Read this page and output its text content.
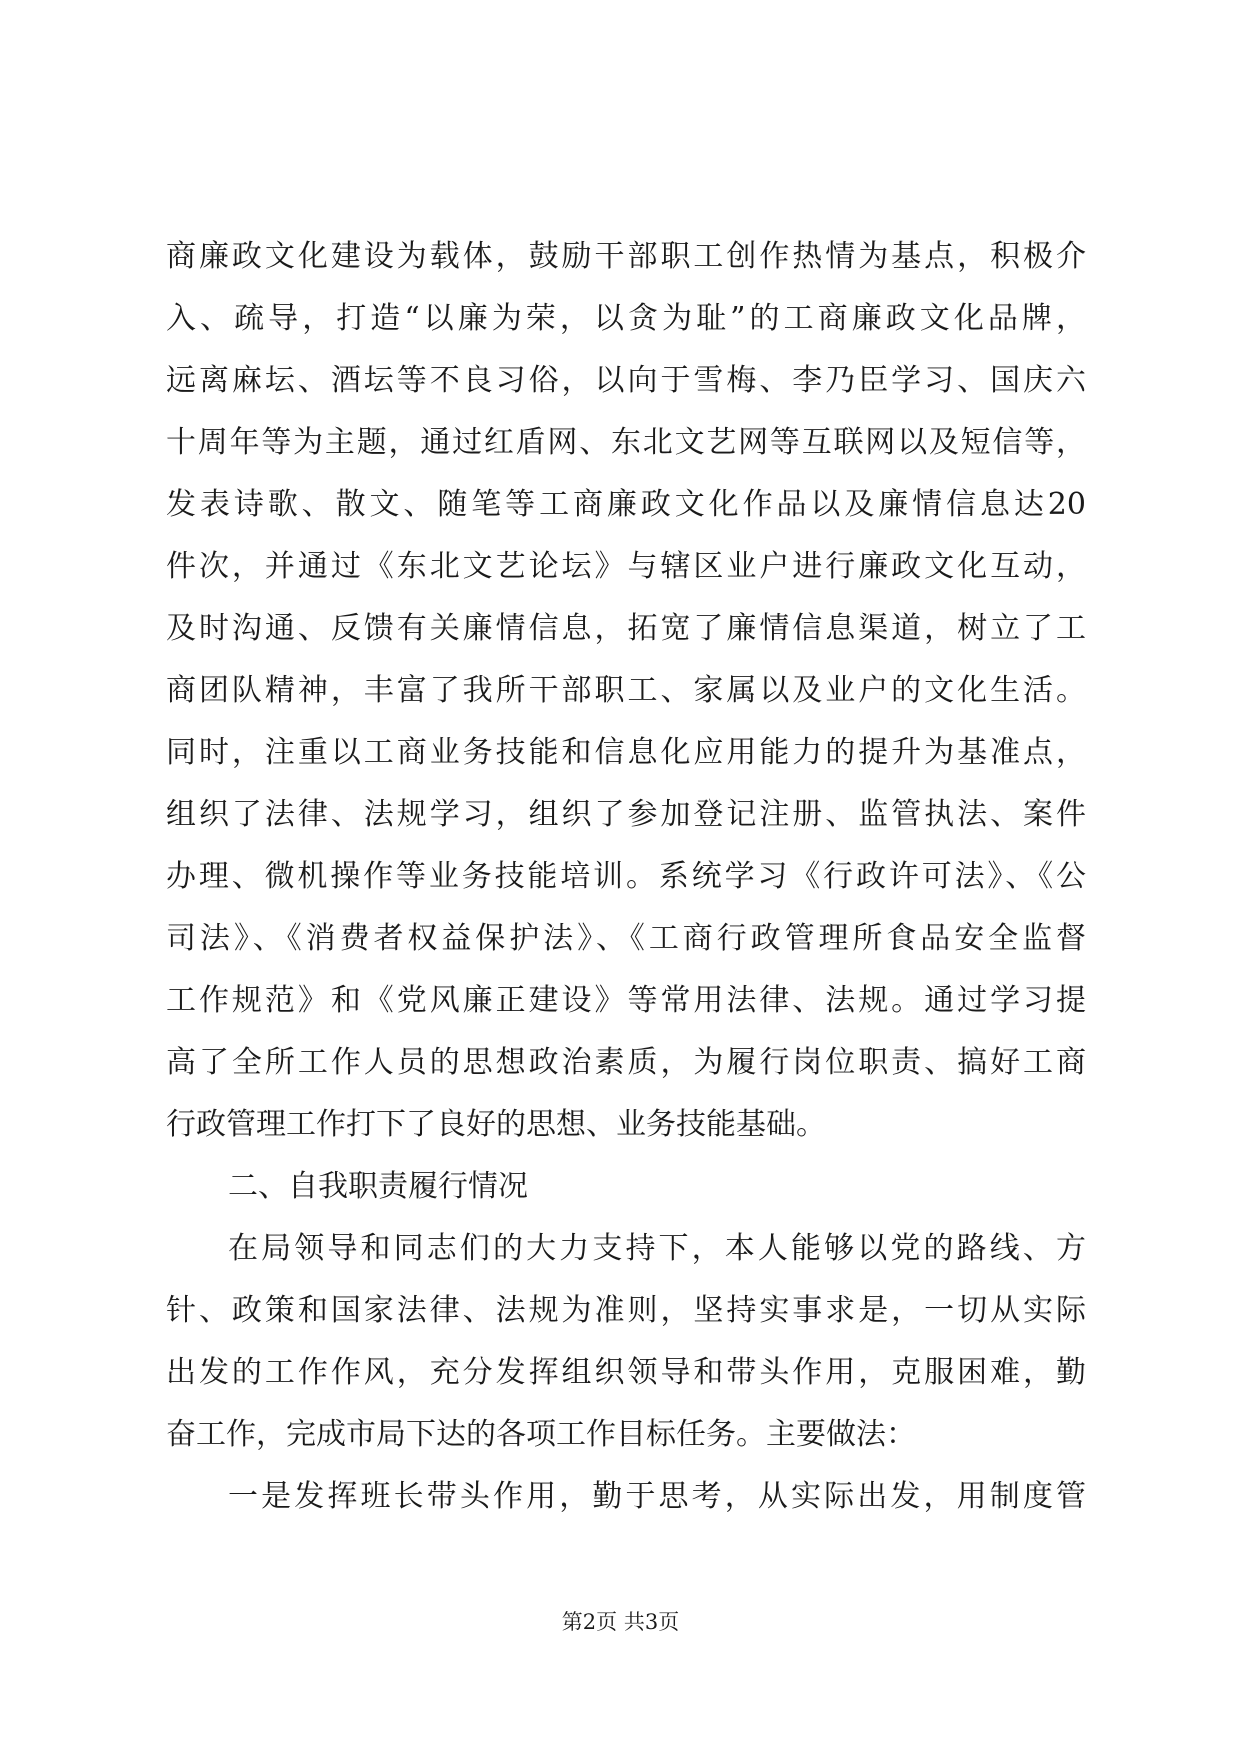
商廉政文化建设为载体，鼓励干部职工创作热情为基点，积极介
入、疏导，打造“以廉为荣，以贪为耻”的工商廉政文化品牌，
远离麻坛、酒坛等不良习俗，以向于雪梅、李乃臣学习、国庆六
十周年等为主题，通过红盾网、东北文艺网等互联网以及短信等，
发表诗歌、散文、随笔等工商廉政文化作品以及廉情信息达20
件次，并通过《东北文艺论坛》与辖区业户进行廉政文化互动，
及时沟通、反馈有关廉情信息，拓宽了廉情信息渠道，树立了工
商团队精神，丰富了我所干部职工、家属以及业户的文化生活。
同时，注重以工商业务技能和信息化应用能力的提升为基准点，
组织了法律、法规学习，组织了参加登记注册、监管执法、案件
办理、微机操作等业务技能培训。系统学习《行政许可法》、《公
司法》、《消费者权益保护法》、《工商行政管理所食品安全监督
工作规范》和《党风廉正建设》等常用法律、法规。通过学习提
高了全所工作人员的思想政治素质，为履行岗位职责、搞好工商
行政管理工作打下了良好的思想、业务技能基础。
二、自我职责履行情况
在局领导和同志们的大力支持下，本人能够以党的路线、方
针、政策和国家法律、法规为准则，坚持实事求是，一切从实际
出发的工作作风，充分发挥组织领导和带头作用，克服困难，勤
奋工作，完成市局下达的各项工作目标任务。主要做法：
一是发挥班长带头作用，勤于思考，从实际出发，用制度管
第2页 共3页
